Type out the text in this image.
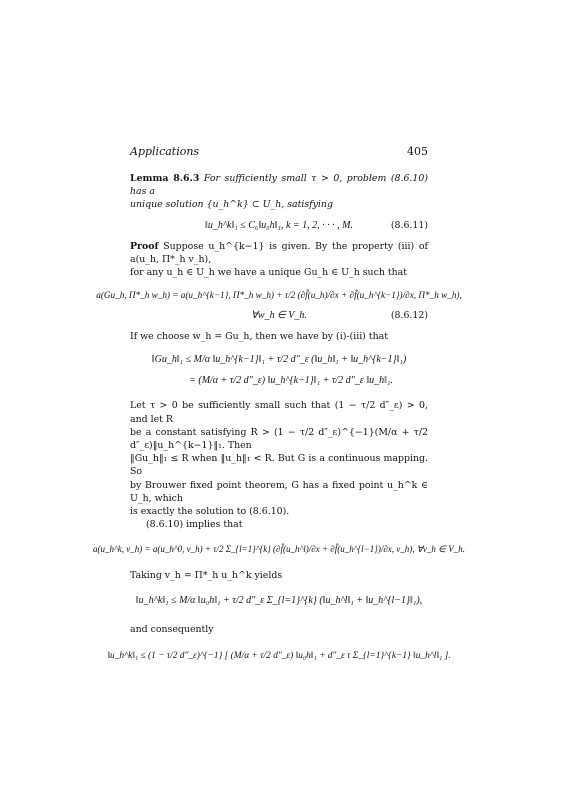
Applications	405

Lemma 8.6.3 For sufficiently small τ > 0, problem (8.6.10) has a
unique solution {u_h^k} ⊂ U_h, satisfying

‖u_h^k‖₁ ≤ C₆‖u₀h‖₁, k = 1, 2, · · · , M.	(8.6.11)

Proof Suppose u_h^{k−1} is given. By the property (iii) of a(u_h, Π*_h v_h),
for any u_h ∈ U_h we have a unique Gu_h ∈ U_h such that

a(Gu_h, Π*_h w_h) = a(u_h^{k−1}, Π*_h w_h) + τ/2 (∂f̂(u_h)/∂x + ∂f̂(u_h^{k−1})/∂x, Π*_h w_h),
∀w_h ∈ V_h.	(8.6.12)

If we choose w_h = Gu_h, then we have by (i)-(iii) that

‖Gu_h‖₁ ≤ M/α ‖u_h^{k−1}‖₁ + τ/2 d″_ε (‖u_h‖₁ + ‖u_h^{k−1}‖₁)
= (M/α + τ/2 d″_ε) ‖u_h^{k−1}‖₁ + τ/2 d″_ε ‖u_h‖₁.

Let τ > 0 be sufficiently small such that (1 − τ/2 d″_ε) > 0, and let R
be a constant satisfying R > (1 − τ/2 d″_ε)^{−1}(M/α + τ/2 d″_ε)‖u_h^{k−1}‖₁. Then
‖Gu_h‖₁ ≤ R when ‖u_h‖₁ < R. But G is a continuous mapping. So
by Brouwer fixed point theorem, G has a fixed point u_h^k ∈ U_h, which
is exactly the solution to (8.6.10).

(8.6.10) implies that

a(u_h^k, v_h) = a(u_h^0, v_h) + τ/2 Σ_{l=1}^{k} (∂f̂(u_h^l)/∂x + ∂f̂(u_h^{l−1})/∂x, v_h), ∀v_h ∈ V_h.

Taking v_h = Π*_h u_h^k yields

‖u_h^k‖₁ ≤ M/α ‖u₀h‖₁ + τ/2 d″_ε Σ_{l=1}^{k} (‖u_h^l‖₁ + ‖u_h^{l−1}‖₁),

and consequently

‖u_h^k‖₁ ≤ (1 − τ/2 d″_ε)^{−1} [ (M/α + τ/2 d″_ε) ‖u₀h‖₁ + d″_ε τ Σ_{l=1}^{k−1} ‖u_h^l‖₁ ].
